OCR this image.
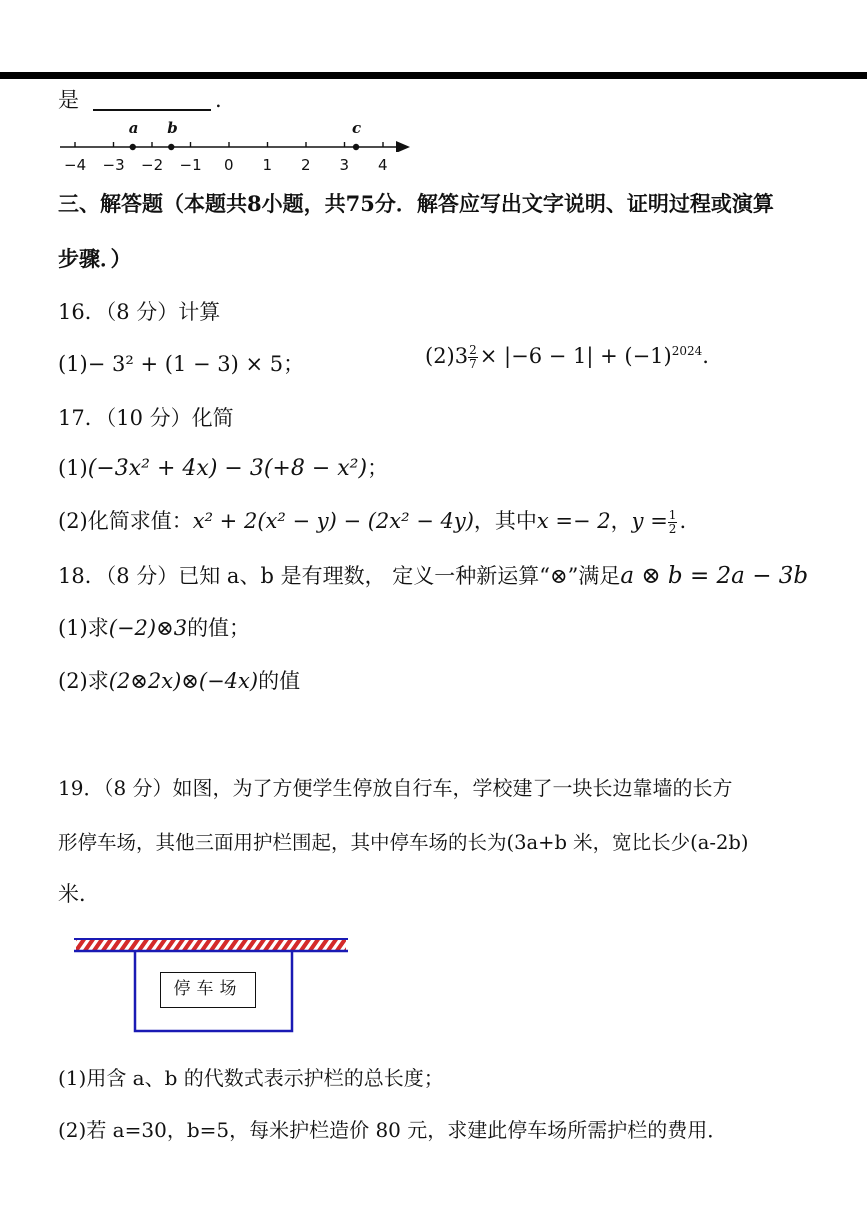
是	.
−4 −3 −2 −1 0 1 2 3 4
a b	c
三、解答题（本题共8小题，共75分．解答应写出文字说明、证明过程或演算
步骤．）
16．（8 分）计算
(1)− 3² + (1 − 3) × 5；	$(2)3 \frac{2}{7} \times |-6 - 1| + (-1)^{2024}$.
17．（10 分）化简
(1)(−3x² + 4x) − 3(+8 − x²)；
(2)化简求值：x² + 2(x² − y) − (2x² − 4y)，其中x =− 2，$y = \frac{1}{2}$ .
18．（8 分）已知 a、b 是有理数， 定义一种新运算“⊗”满足a ⊗ b = 2a − 3b
(1)求(−2)⊗3的值；
(2)求(2⊗2x)⊗(−4x)的值
19．（8 分）如图，为了方便学生停放自行车，学校建了一块长边靠墙的长方
形停车场，其他三面用护栏围起，其中停车场的长为(3a+b 米，宽比长少(a-2b)
米．
停车场
(1)用含 a、b 的代数式表示护栏的总长度；
(2)若 a=30，b=5，每米护栏造价 80 元，求建此停车场所需护栏的费用．
